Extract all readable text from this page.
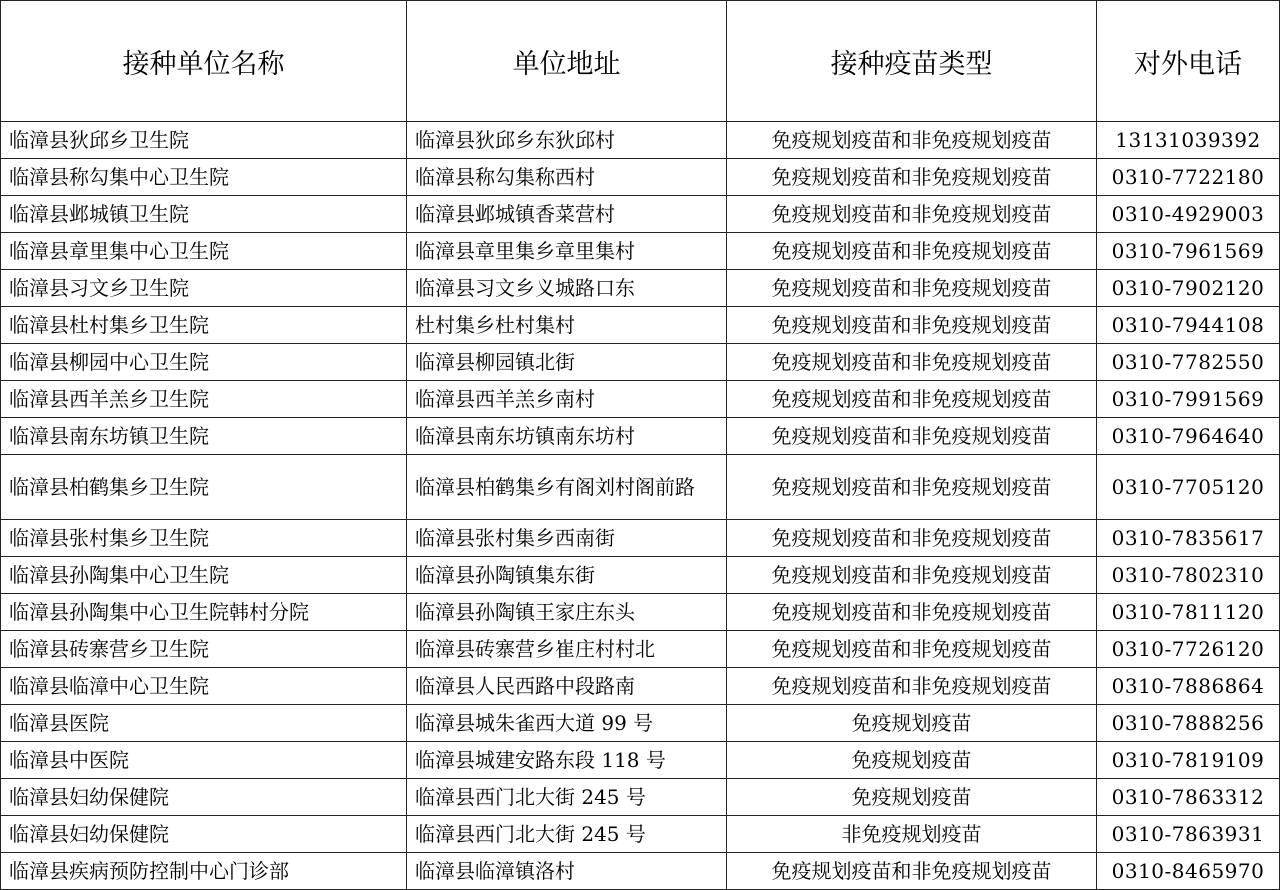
接种单位名称	单位地址	接种疫苗类型	对外电话
临漳县狄邱乡卫生院	临漳县狄邱乡东狄邱村	免疫规划疫苗和非免疫规划疫苗	13131039392
临漳县称勾集中心卫生院	临漳县称勾集称西村	免疫规划疫苗和非免疫规划疫苗	0310-7722180
临漳县邺城镇卫生院	临漳县邺城镇香菜营村	免疫规划疫苗和非免疫规划疫苗	0310-4929003
临漳县章里集中心卫生院	临漳县章里集乡章里集村	免疫规划疫苗和非免疫规划疫苗	0310-7961569
临漳县习文乡卫生院	临漳县习文乡义城路口东	免疫规划疫苗和非免疫规划疫苗	0310-7902120
临漳县杜村集乡卫生院	杜村集乡杜村集村	免疫规划疫苗和非免疫规划疫苗	0310-7944108
临漳县柳园中心卫生院	临漳县柳园镇北街	免疫规划疫苗和非免疫规划疫苗	0310-7782550
临漳县西羊羔乡卫生院	临漳县西羊羔乡南村	免疫规划疫苗和非免疫规划疫苗	0310-7991569
临漳县南东坊镇卫生院	临漳县南东坊镇南东坊村	免疫规划疫苗和非免疫规划疫苗	0310-7964640
临漳县柏鹤集乡卫生院	临漳县柏鹤集乡有阁刘村阁前路	免疫规划疫苗和非免疫规划疫苗	0310-7705120
临漳县张村集乡卫生院	临漳县张村集乡西南街	免疫规划疫苗和非免疫规划疫苗	0310-7835617
临漳县孙陶集中心卫生院	临漳县孙陶镇集东街	免疫规划疫苗和非免疫规划疫苗	0310-7802310
临漳县孙陶集中心卫生院韩村分院	临漳县孙陶镇王家庄东头	免疫规划疫苗和非免疫规划疫苗	0310-7811120
临漳县砖寨营乡卫生院	临漳县砖寨营乡崔庄村村北	免疫规划疫苗和非免疫规划疫苗	0310-7726120
临漳县临漳中心卫生院	临漳县人民西路中段路南	免疫规划疫苗和非免疫规划疫苗	0310-7886864
临漳县医院	临漳县城朱雀西大道 99 号	免疫规划疫苗	0310-7888256
临漳县中医院	临漳县城建安路东段 118 号	免疫规划疫苗	0310-7819109
临漳县妇幼保健院	临漳县西门北大街 245 号	免疫规划疫苗	0310-7863312
临漳县妇幼保健院	临漳县西门北大街 245 号	非免疫规划疫苗	0310-7863931
临漳县疾病预防控制中心门诊部	临漳县临漳镇洛村	免疫规划疫苗和非免疫规划疫苗	0310-8465970
